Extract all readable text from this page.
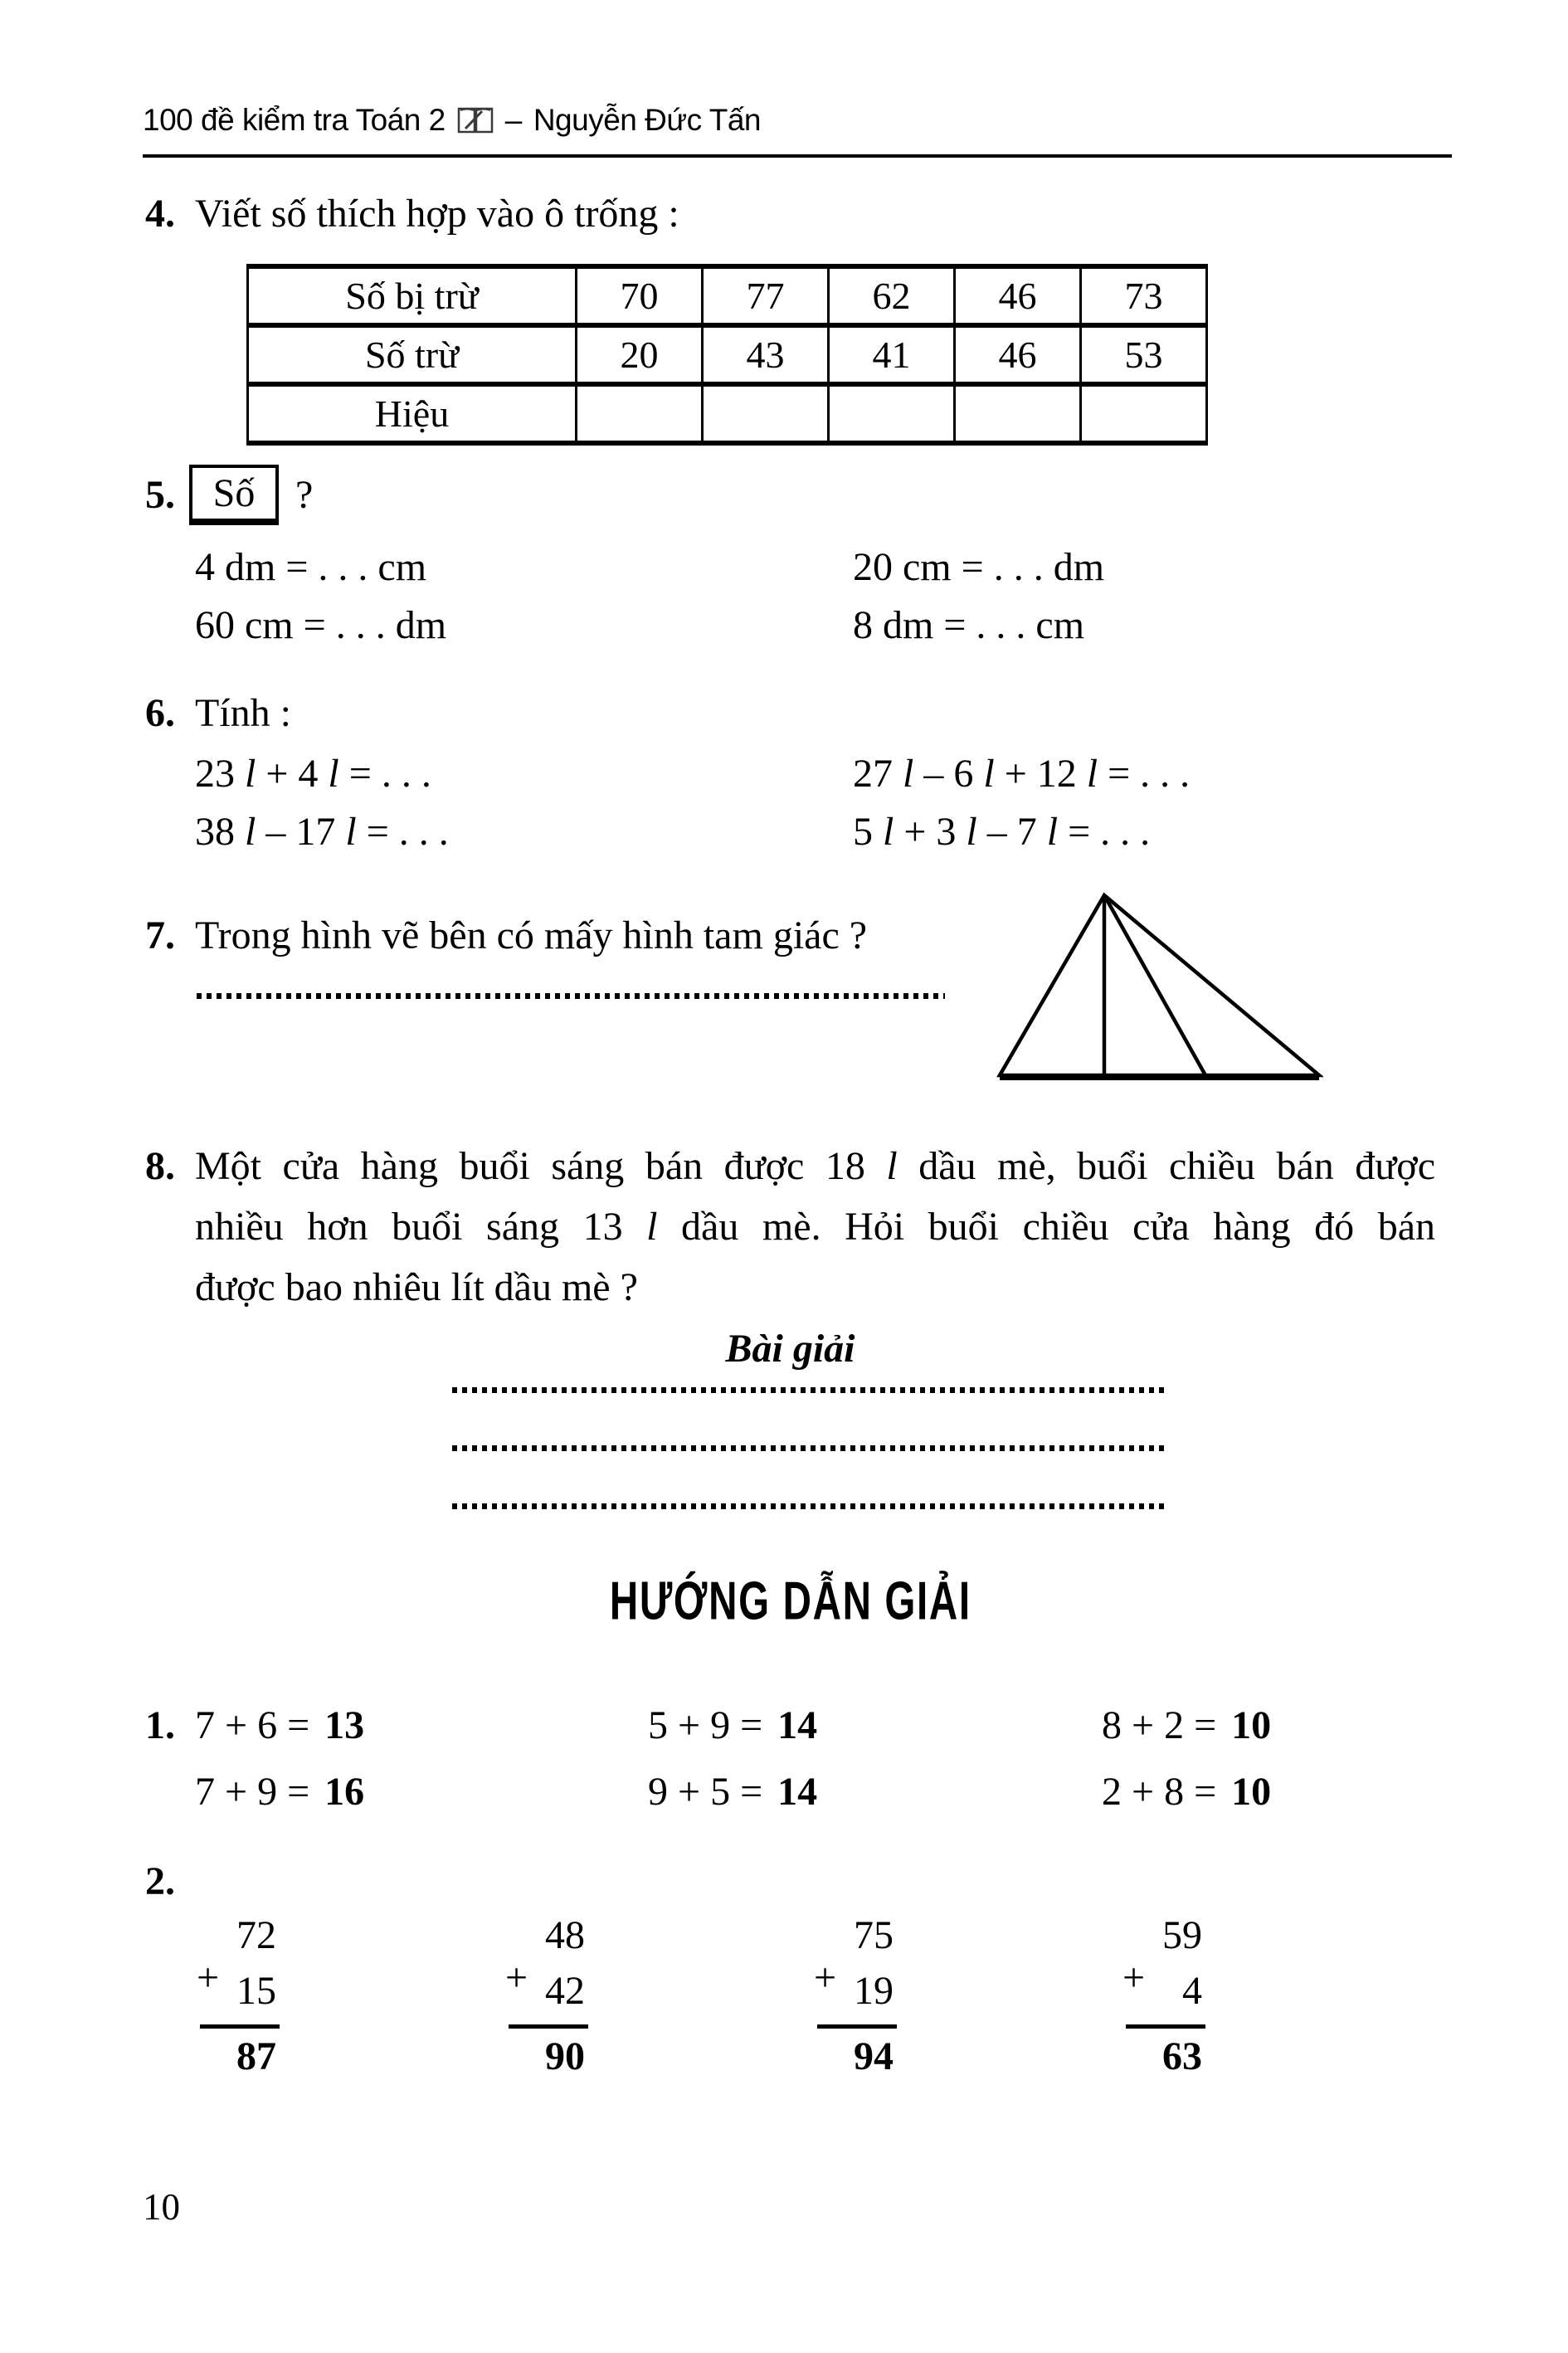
100 đề kiểm tra Toán 2 – Nguyễn Đức Tấn
4. Viết số thích hợp vào ô trống :
Số bị trừ	70	77	62	46	73
Số trừ	20	43	41	46	53
Hiệu					
5. Số ?
4 dm = . . . cm	20 cm = . . . dm
60 cm = . . . dm	8 dm = . . . cm
6. Tính :
23 l + 4 l = . . .	27 l – 6 l + 12 l = . . .
38 l – 17 l = . . .	5 l + 3 l – 7 l = . . .
7. Trong hình vẽ bên có mấy hình tam giác ?
8. Một cửa hàng buổi sáng bán được 18 l dầu mè, buổi chiều bán được
nhiều hơn buổi sáng 13 l dầu mè. Hỏi buổi chiều cửa hàng đó bán
được bao nhiêu lít dầu mè ?
Bài giải
HƯỚNG DẪN GIẢI
1. 7 + 6 = 13	5 + 9 = 14	8 + 2 = 10
7 + 9 = 16	9 + 5 = 14	2 + 8 = 10
2.
72
+ 15
87
48
+ 42
90
75
+ 19
94
59
+ 4
63
10
